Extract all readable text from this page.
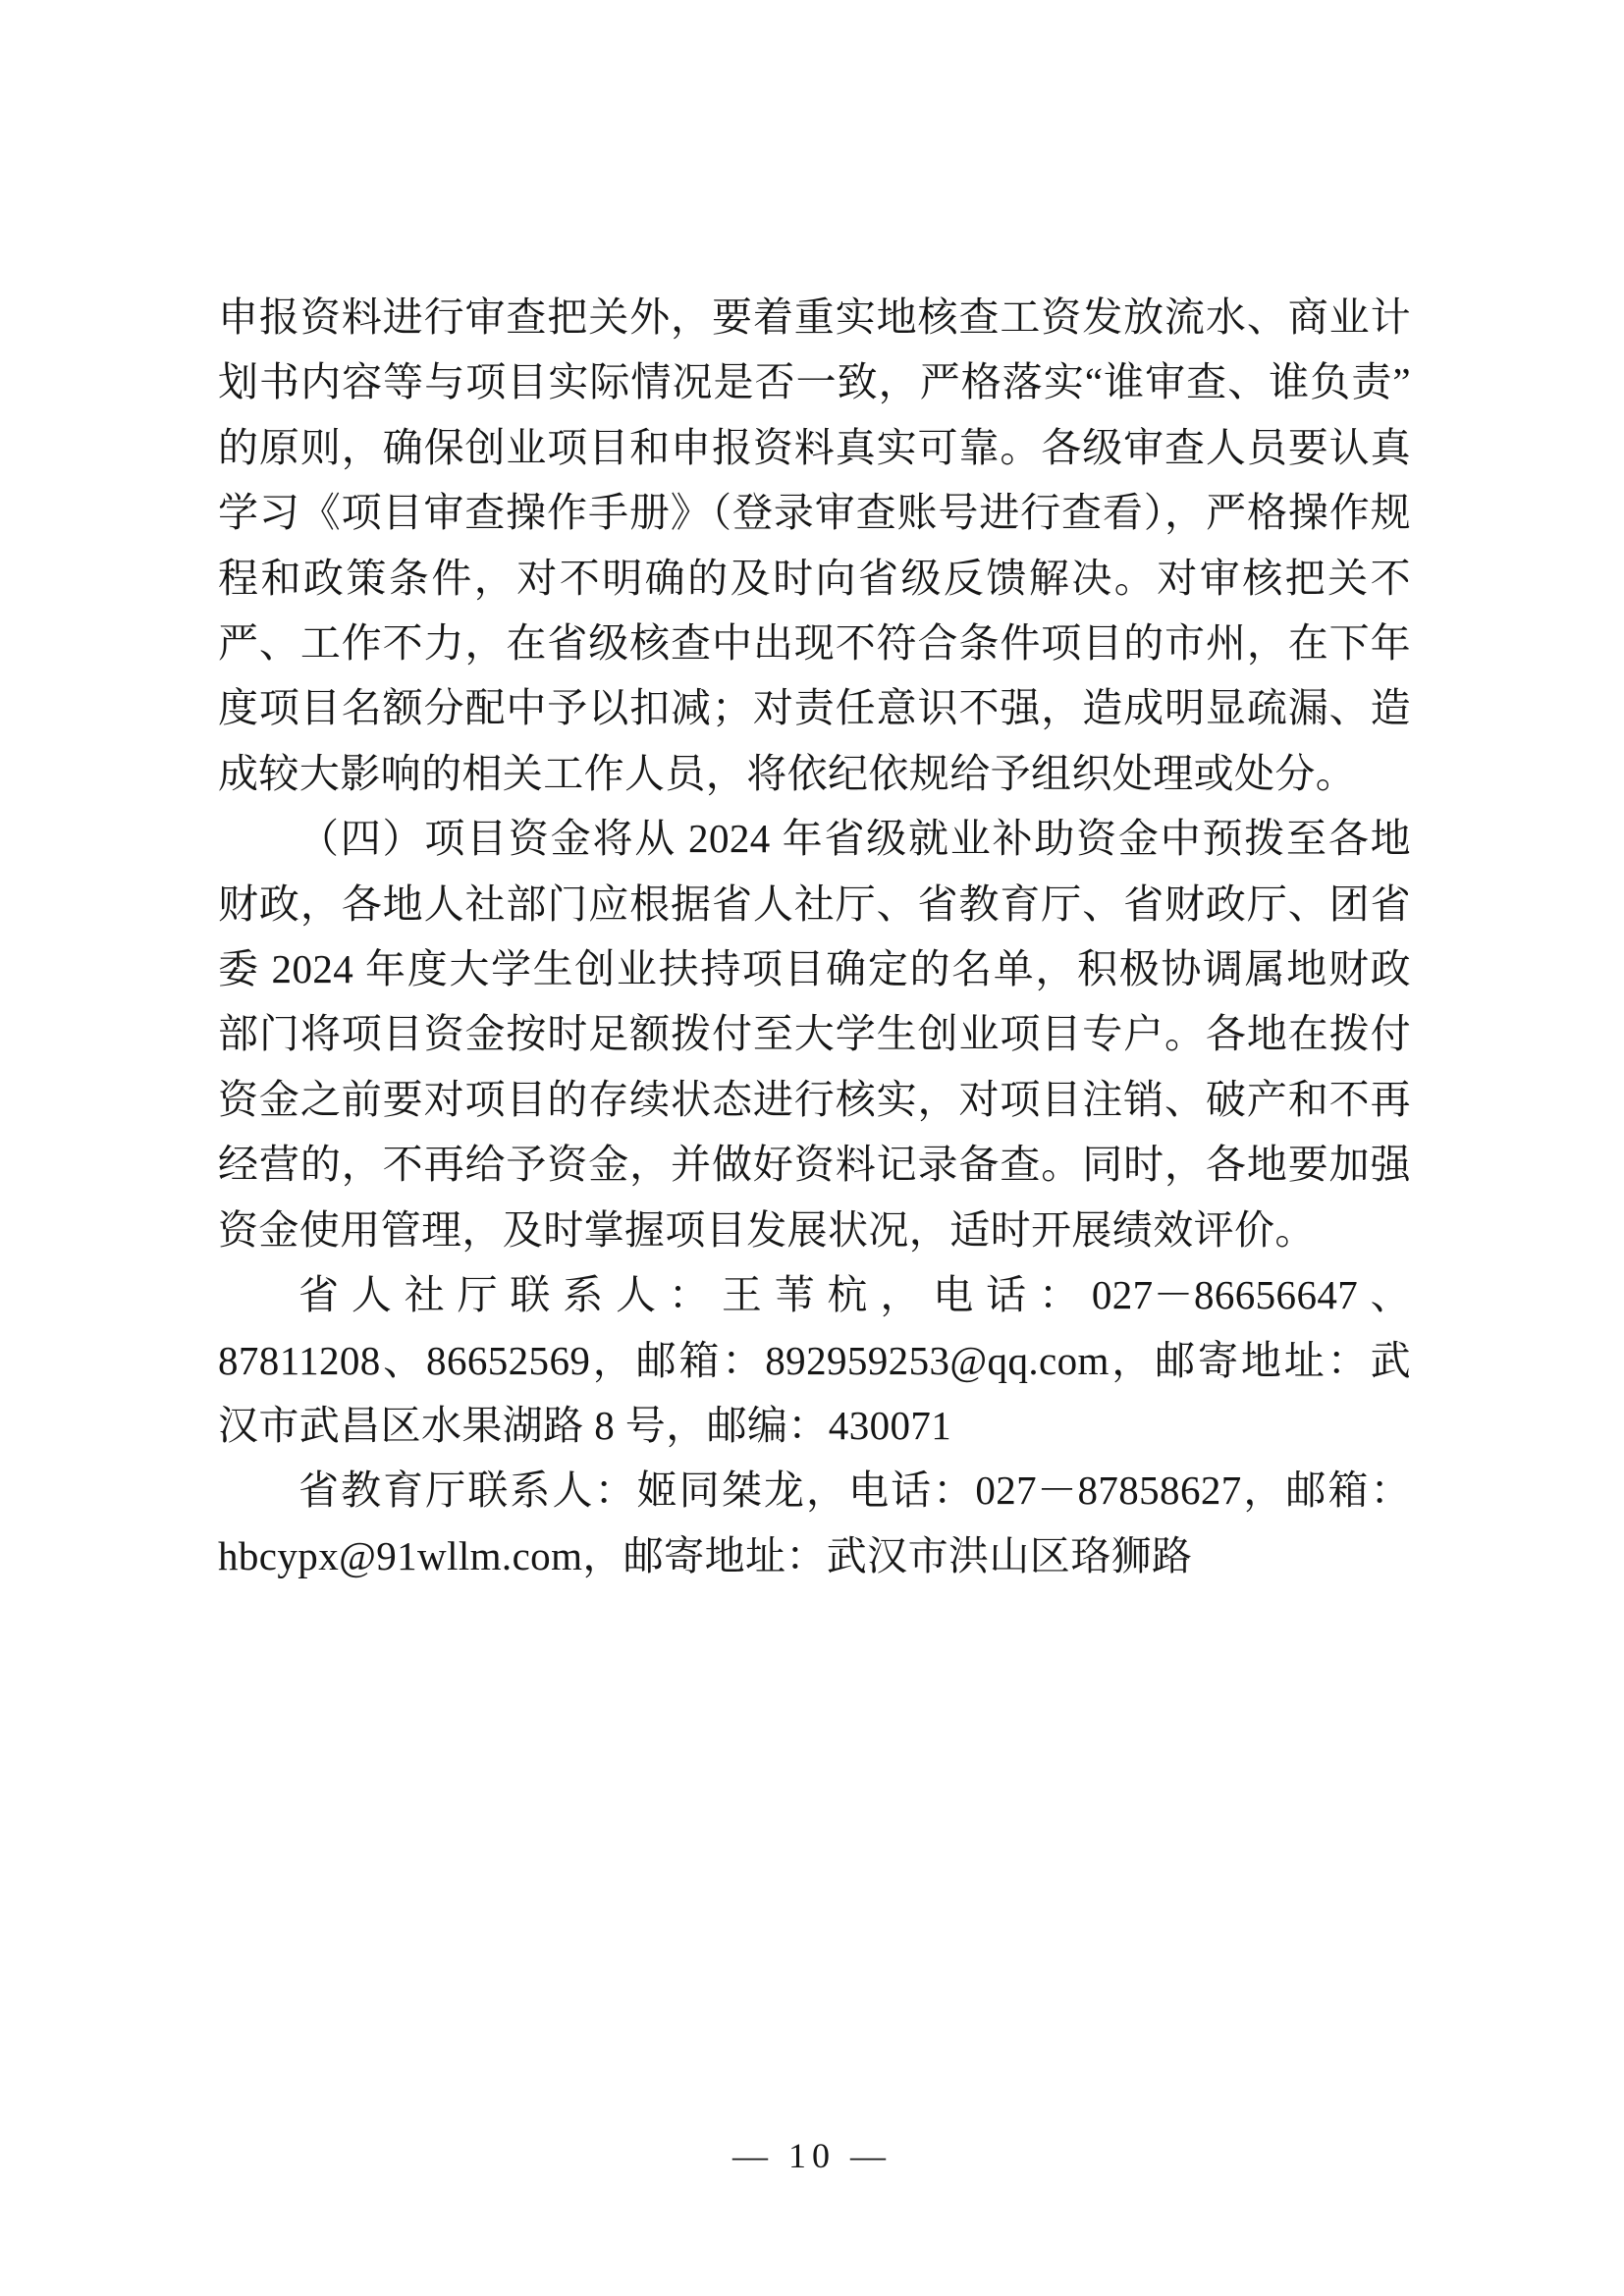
申报资料进行审查把关外，要着重实地核查工资发放流水、商业计划书内容等与项目实际情况是否一致，严格落实“谁审查、谁负责”的原则，确保创业项目和申报资料真实可靠。各级审查人员要认真学习《项目审查操作手册》（登录审查账号进行查看），严格操作规程和政策条件，对不明确的及时向省级反馈解决。对审核把关不严、工作不力，在省级核查中出现不符合条件项目的市州，在下年度项目名额分配中予以扣减；对责任意识不强，造成明显疏漏、造成较大影响的相关工作人员，将依纪依规给予组织处理或处分。

（四）项目资金将从 2024 年省级就业补助资金中预拨至各地财政，各地人社部门应根据省人社厅、省教育厅、省财政厅、团省委 2024 年度大学生创业扶持项目确定的名单，积极协调属地财政部门将项目资金按时足额拨付至大学生创业项目专户。各地在拨付资金之前要对项目的存续状态进行核实，对项目注销、破产和不再经营的，不再给予资金，并做好资料记录备查。同时，各地要加强资金使用管理，及时掌握项目发展状况，适时开展绩效评价。

省人社厅联系人：王苇杭，电话：027－86656647、87811208、86652569，邮箱：892959253@qq.com，邮寄地址：武汉市武昌区水果湖路 8 号，邮编：430071

省教育厅联系人：姬同桀龙，电话：027－87858627，邮箱：hbcypx@91wllm.com，邮寄地址：武汉市洪山区珞狮路

— 10 —
